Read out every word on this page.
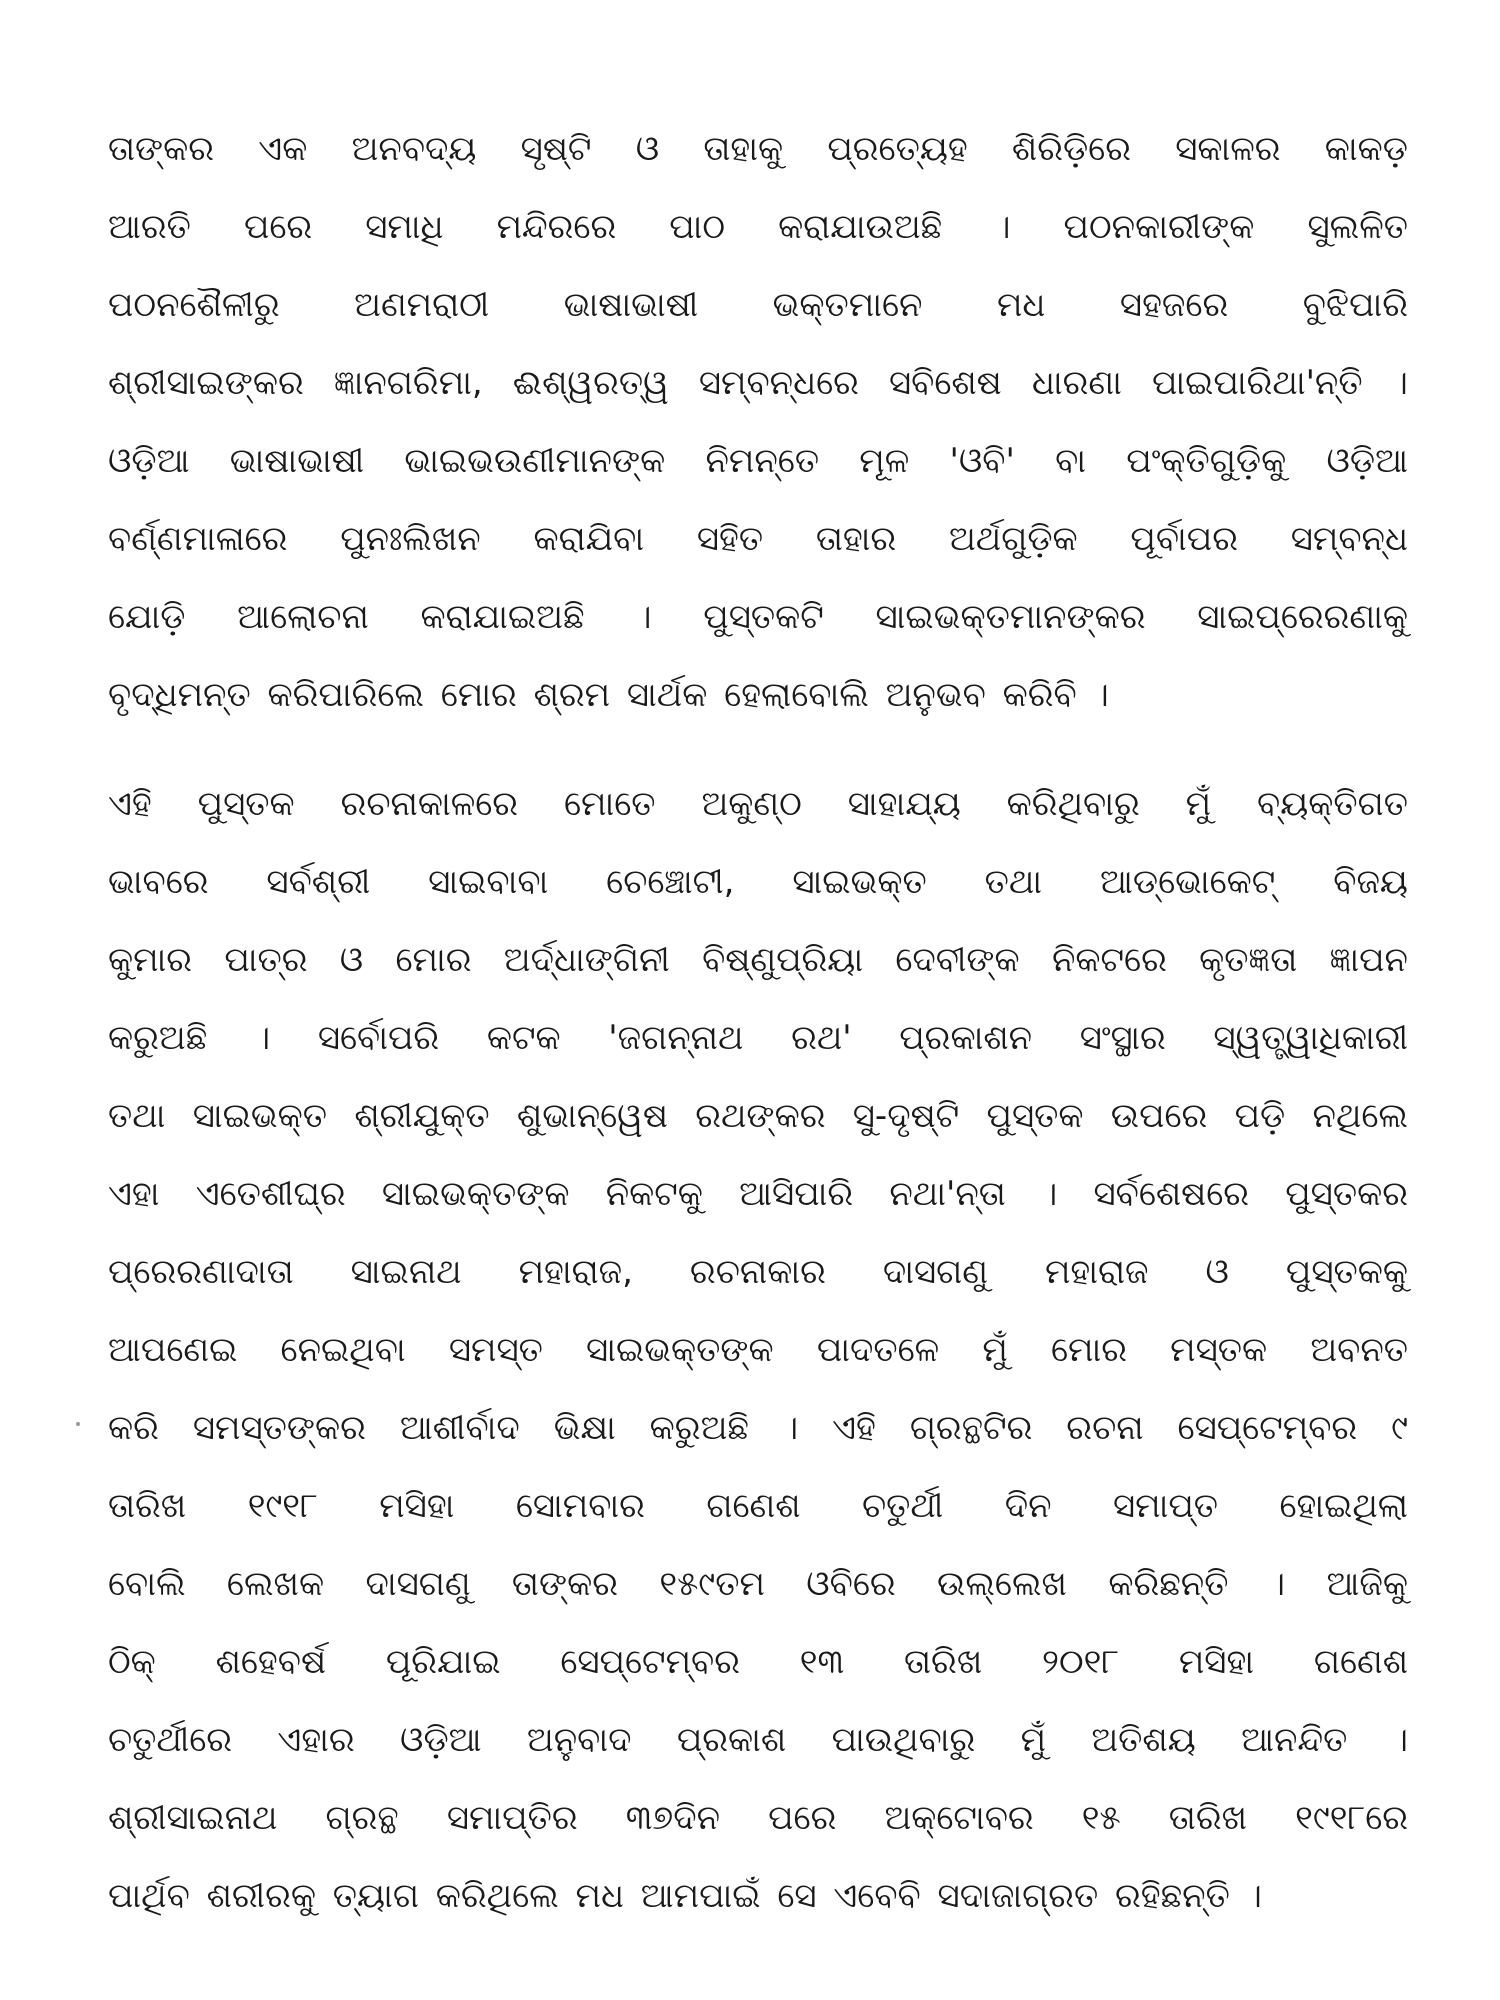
ତାଙ୍କର ଏକ ଅନବଦ୍ୟ ସୃଷ୍ଟି ଓ ତାହାକୁ ପ୍ରତ୍ୟେହ ଶିରିଡ଼ିରେ ସକାଳର କାକଡ଼
ଆରତି ପରେ ସମାଧି ମନ୍ଦିରରେ ପାଠ କରାଯାଉଅଛି । ପଠନକାରୀଙ୍କ ସୁଲଳିତ
ପଠନଶୈଳୀରୁ ଅଣମରାଠୀ ଭାଷାଭାଷୀ ଭକ୍ତମାନେ ମଧ ସହଜରେ ବୁଝିପାରି
ଶ୍ରୀସାଇଙ୍କର ଜ୍ଞାନଗରିମା, ଈଶ୍ୱରତ୍ୱ ସମ୍ବନ୍ଧରେ ସବିଶେଷ ଧାରଣା ପାଇପାରିଥା'ନ୍ତି ।
ଓଡ଼ିଆ ଭାଷାଭାଷୀ ଭାଇଭଉଣୀମାନଙ୍କ ନିମନ୍ତେ ମୂଳ 'ଓବି' ବା ପଂକ୍ତିଗୁଡ଼ିକୁ ଓଡ଼ିଆ
ବର୍ଣ୍ଣମାଳାରେ ପୁନଃଲିଖନ କରାଯିବା ସହିତ ତାହାର ଅର୍ଥଗୁଡ଼ିକ ପୂର୍ବାପର ସମ୍ବନ୍ଧ
ଯୋଡ଼ି ଆଲୋଚନା କରାଯାଇଅଛି । ପୁସ୍ତକଟି ସାଇଭକ୍ତମାନଙ୍କର ସାଇପ୍ରେରଣାକୁ
ବୃଦ୍ଧିମନ୍ତ କରିପାରିଲେ ମୋର ଶ୍ରମ ସାର୍ଥକ ହେଲାବୋଲି ଅନୁଭବ କରିବି ।
ଏହି ପୁସ୍ତକ ରଚନାକାଳରେ ମୋତେ ଅକୁଣ୍ଠ ସାହାଯ୍ୟ କରିଥିବାରୁ ମୁଁ ବ୍ୟକ୍ତିଗତ
ଭାବରେ ସର୍ବଶ୍ରୀ ସାଇବାବା ଚେଞ୍ଚୋଟୀ, ସାଇଭକ୍ତ ତଥା ଆଡ୍‌ଭୋକେଟ୍ ବିଜୟ
କୁମାର ପାତ୍ର ଓ ମୋର ଅର୍ଦ୍ଧାଙ୍ଗିନୀ ବିଷ୍ଣୁପ୍ରିୟା ଦେବୀଙ୍କ ନିକଟରେ କୃତଜ୍ଞତା ଜ୍ଞାପନ
କରୁଅଛି । ସର୍ବୋପରି କଟକ 'ଜଗନ୍ନାଥ ରଥ' ପ୍ରକାଶନ ସଂସ୍ଥାର ସ୍ୱତ୍ତ୍ୱାଧିକାରୀ
ତଥା ସାଇଭକ୍ତ ଶ୍ରୀଯୁକ୍ତ ଶୁଭାନ୍ୱେଷ ରଥଙ୍କର ସୁ-ଦୃଷ୍ଟି ପୁସ୍ତକ ଉପରେ ପଡ଼ି ନଥିଲେ
ଏହା ଏତେଶୀଘ୍ର ସାଇଭକ୍ତଙ୍କ ନିକଟକୁ ଆସିପାରି ନଥା'ନ୍ତା । ସର୍ବଶେଷରେ ପୁସ୍ତକର
ପ୍ରେରଣାଦାତା ସାଇନାଥ ମହାରାଜ, ରଚନାକାର ଦାସଗଣୁ ମହାରାଜ ଓ ପୁସ୍ତକକୁ
ଆପଣେଇ ନେଇଥିବା ସମସ୍ତ ସାଇଭକ୍ତଙ୍କ ପାଦତଳେ ମୁଁ ମୋର ମସ୍ତକ ଅବନତ
କରି ସମସ୍ତଙ୍କର ଆଶୀର୍ବାଦ ଭିକ୍ଷା କରୁଅଛି । ଏହି ଗ୍ରନ୍ଥଟିର ରଚନା ସେପ୍ଟେମ୍ବର ୯
ତାରିଖ ୧୯୧୮ ମସିହା ସୋମବାର ଗଣେଶ ଚତୁର୍ଥୀ ଦିନ ସମାପ୍ତ ହୋଇଥିଲା
ବୋଲି ଲେଖକ ଦାସଗଣୁ ତାଙ୍କର ୧୫୯ତମ ଓବିରେ ଉଲ୍ଲେଖ କରିଛନ୍ତି । ଆଜିକୁ
ଠିକ୍ ଶହେବର୍ଷ ପୂରିଯାଇ ସେପ୍ଟେମ୍ବର ୧୩ ତାରିଖ ୨୦୧୮ ମସିହା ଗଣେଶ
ଚତୁର୍ଥୀରେ ଏହାର ଓଡ଼ିଆ ଅନୁବାଦ ପ୍ରକାଶ ପାଉଥିବାରୁ ମୁଁ ଅତିଶୟ ଆନନ୍ଦିତ ।
ଶ୍ରୀସାଇନାଥ ଗ୍ରନ୍ଥ ସମାପ୍ତିର ୩୭ଦିନ ପରେ ଅକ୍ଟୋବର ୧୫ ତାରିଖ ୧୯୧୮ରେ
ପାର୍ଥିବ ଶରୀରକୁ ତ୍ୟାଗ କରିଥିଲେ ମଧ ଆମପାଇଁ ସେ ଏବେବି ସଦାଜାଗ୍ରତ ରହିଛନ୍ତି ।
